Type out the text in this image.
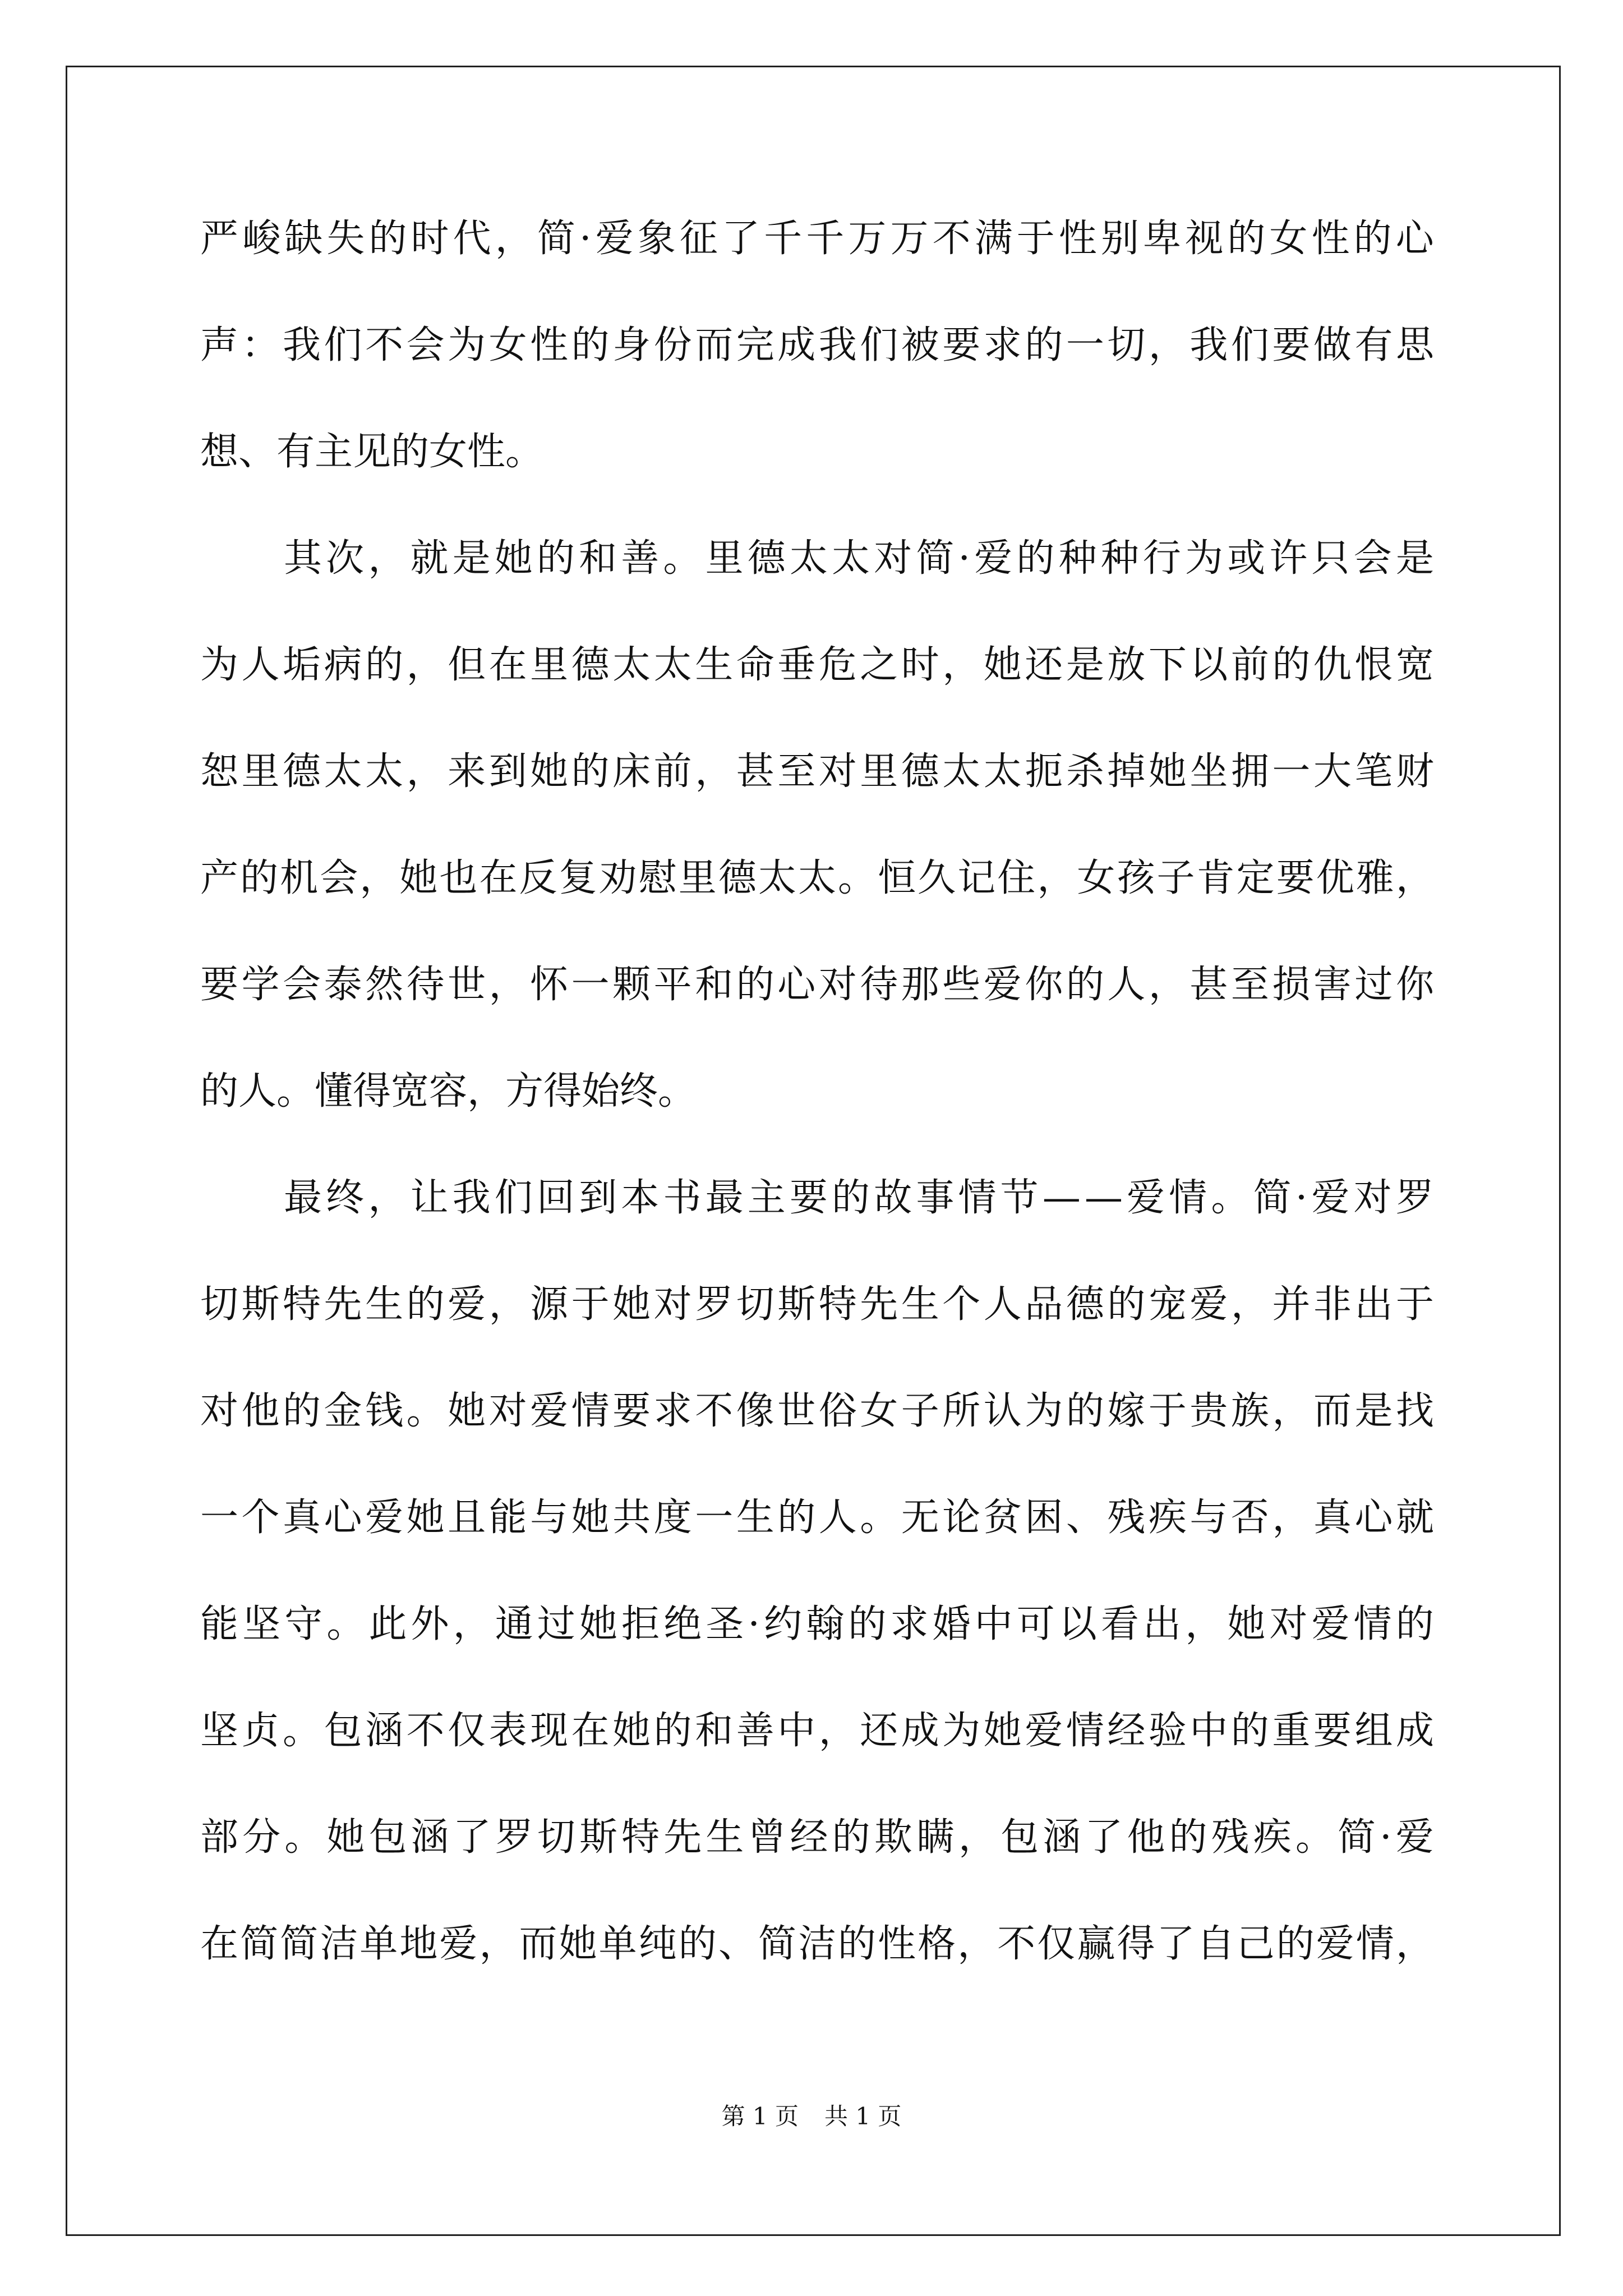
严 峻 缺 失 的 时 代 ， 简 · 爱 象 征 了 千 千 万 万 不 满 于 性 别 卑 视 的 女 性 的 心
声 ： 我 们 不 会 为 女 性 的 身 份 而 完 成 我 们 被 要 求 的 一 切 ， 我 们 要 做 有 思
想、有主见的女性。
其 次 ， 就 是 她 的 和 善 。 里 德 太 太 对 简 · 爱 的 种 种 行 为 或 许 只 会 是
为 人 垢 病 的 ， 但 在 里 德 太 太 生 命 垂 危 之 时 ， 她 还 是 放 下 以 前 的 仇 恨 宽
恕 里 德 太 太 ， 来 到 她 的 床 前 ， 甚 至 对 里 德 太 太 扼 杀 掉 她 坐 拥 一 大 笔 财
产 的 机 会 ， 她 也 在 反 复 劝 慰 里 德 太 太 。 恒 久 记 住 ， 女 孩 子 肯 定 要 优 雅 ，
要 学 会 泰 然 待 世 ， 怀 一 颗 平 和 的 心 对 待 那 些 爱 你 的 人 ， 甚 至 损 害 过 你
的人。懂得宽容，方得始终。
最 终 ， 让 我 们 回 到 本 书 最 主 要 的 故 事 情 节 — — 爱 情 。 简 · 爱 对 罗
切 斯 特 先 生 的 爱 ， 源 于 她 对 罗 切 斯 特 先 生 个 人 品 德 的 宠 爱 ， 并 非 出 于
对 他 的 金 钱 。 她 对 爱 情 要 求 不 像 世 俗 女 子 所 认 为 的 嫁 于 贵 族 ， 而 是 找
一 个 真 心 爱 她 且 能 与 她 共 度 一 生 的 人 。 无 论 贫 困 、 残 疾 与 否 ， 真 心 就
能 坚 守 。 此 外 ， 通 过 她 拒 绝 圣 · 约 翰 的 求 婚 中 可 以 看 出 ， 她 对 爱 情 的
坚 贞 。 包 涵 不 仅 表 现 在 她 的 和 善 中 ， 还 成 为 她 爱 情 经 验 中 的 重 要 组 成
部 分 。 她 包 涵 了 罗 切 斯 特 先 生 曾 经 的 欺 瞒 ， 包 涵 了 他 的 残 疾 。 简 · 爱
在 简 简 洁 单 地 爱 ， 而 她 单 纯 的 、 简 洁 的 性 格 ， 不 仅 赢 得 了 自 己 的 爱 情 ，
第 1 页 共 1 页
